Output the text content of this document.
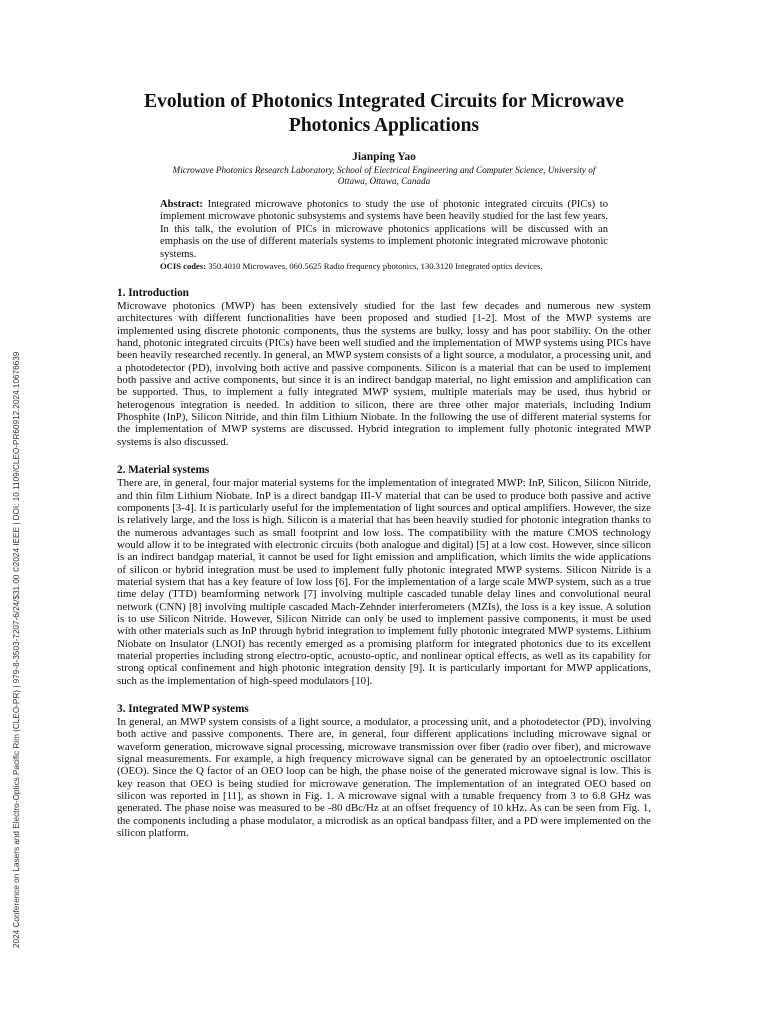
2024 Conference on Lasers and Electro-Optics Pacific Rim (CLEO-PR) | 979-8-3503-7207-6/24/$31.00 ©2024 IEEE | DOI: 10.1109/CLEO-PR60912.2024.10676639
Evolution of Photonics Integrated Circuits for Microwave Photonics Applications
Jianping Yao
Microwave Photonics Research Laboratory, School of Electrical Engineering and Computer Science, University of Ottawa, Ottawa, Canada
Abstract: Integrated microwave photonics to study the use of photonic integrated circuits (PICs) to implement microwave photonic subsystems and systems have been heavily studied for the last few years. In this talk, the evolution of PICs in microwave photonics applications will be discussed with an emphasis on the use of different materials systems to implement photonic integrated microwave photonic systems.
OCIS codes: 350.4010 Microwaves, 060.5625 Radio frequency photonics, 130.3120 Integrated optics devices.
1. Introduction

Microwave photonics (MWP) has been extensively studied for the last few decades and numerous new system architectures with different functionalities have been proposed and studied [1-2]. Most of the MWP systems are implemented using discrete photonic components, thus the systems are bulky, lossy and has poor stability. On the other hand, photonic integrated circuits (PICs) have been well studied and the implementation of MWP systems using PICs have been heavily researched recently. In general, an MWP system consists of a light source, a modulator, a processing unit, and a photodetector (PD), involving both active and passive components. Silicon is a material that can be used to implement both passive and active components, but since it is an indirect bandgap material, no light emission and amplification can be supported. Thus, to implement a fully integrated MWP system, multiple materials may be used, thus hybrid or heterogenous integration is needed. In addition to silicon, there are three other major materials, including Indium Phosphite (InP), Silicon Nitride, and thin film Lithium Niobate. In the following the use of different material systems for the implementation of MWP systems are discussed. Hybrid integration to implement fully photonic integrated MWP systems is also discussed.

2. Material systems

There are, in general, four major material systems for the implementation of integrated MWP: InP, Silicon, Silicon Nitride, and thin film Lithium Niobate. InP is a direct bandgap III-V material that can be used to produce both passive and active components [3-4]. It is particularly useful for the implementation of light sources and optical amplifiers. However, the size is relatively large, and the loss is high. Silicon is a material that has been heavily studied for photonic integration thanks to the numerous advantages such as small footprint and low loss. The compatibility with the mature CMOS technology would allow it to be integrated with electronic circuits (both analogue and digital) [5] at a low cost. However, since silicon is an indirect bandgap material, it cannot be used for light emission and amplification, which limits the wide applications of silicon or hybrid integration must be used to implement fully photonic integrated MWP systems. Silicon Nitride is a material system that has a key feature of low loss [6]. For the implementation of a large scale MWP system, such as a true time delay (TTD) beamforming network [7] involving multiple cascaded tunable delay lines and convolutional neural network (CNN) [8] involving multiple cascaded Mach-Zehnder interferometers (MZIs), the loss is a key issue. A solution is to use Silicon Nitride. However, Silicon Nitride can only be used to implement passive components, it must be used with other materials such as InP through hybrid integration to implement fully photonic integrated MWP systems. Lithium Niobate on Insulator (LNOI) has recently emerged as a promising platform for integrated photonics due to its excellent material properties including strong electro-optic, acousto-optic, and nonlinear optical effects, as well as its capability for strong optical confinement and high photonic integration density [9]. It is particularly important for MWP applications, such as the implementation of high-speed modulators [10].

3. Integrated MWP systems

In general, an MWP system consists of a light source, a modulator, a processing unit, and a photodetector (PD), involving both active and passive components. There are, in general, four different applications including microwave signal or waveform generation, microwave signal processing, microwave transmission over fiber (radio over fiber), and microwave signal measurements. For example, a high frequency microwave signal can be generated by an optoelectronic oscillator (OEO). Since the Q factor of an OEO loop can be high, the phase noise of the generated microwave signal is low. This is key reason that OEO is being studied for microwave generation. The implementation of an integrated OEO based on silicon was reported in [11], as shown in Fig. 1. A microwave signal with a tunable frequency from 3 to 6.8 GHz was generated. The phase noise was measured to be -80 dBc/Hz at an offset frequency of 10 kHz. As can be seen from Fig. 1, the components including a phase modulator, a microdisk as an optical bandpass filter, and a PD were implemented on the silicon platform.
